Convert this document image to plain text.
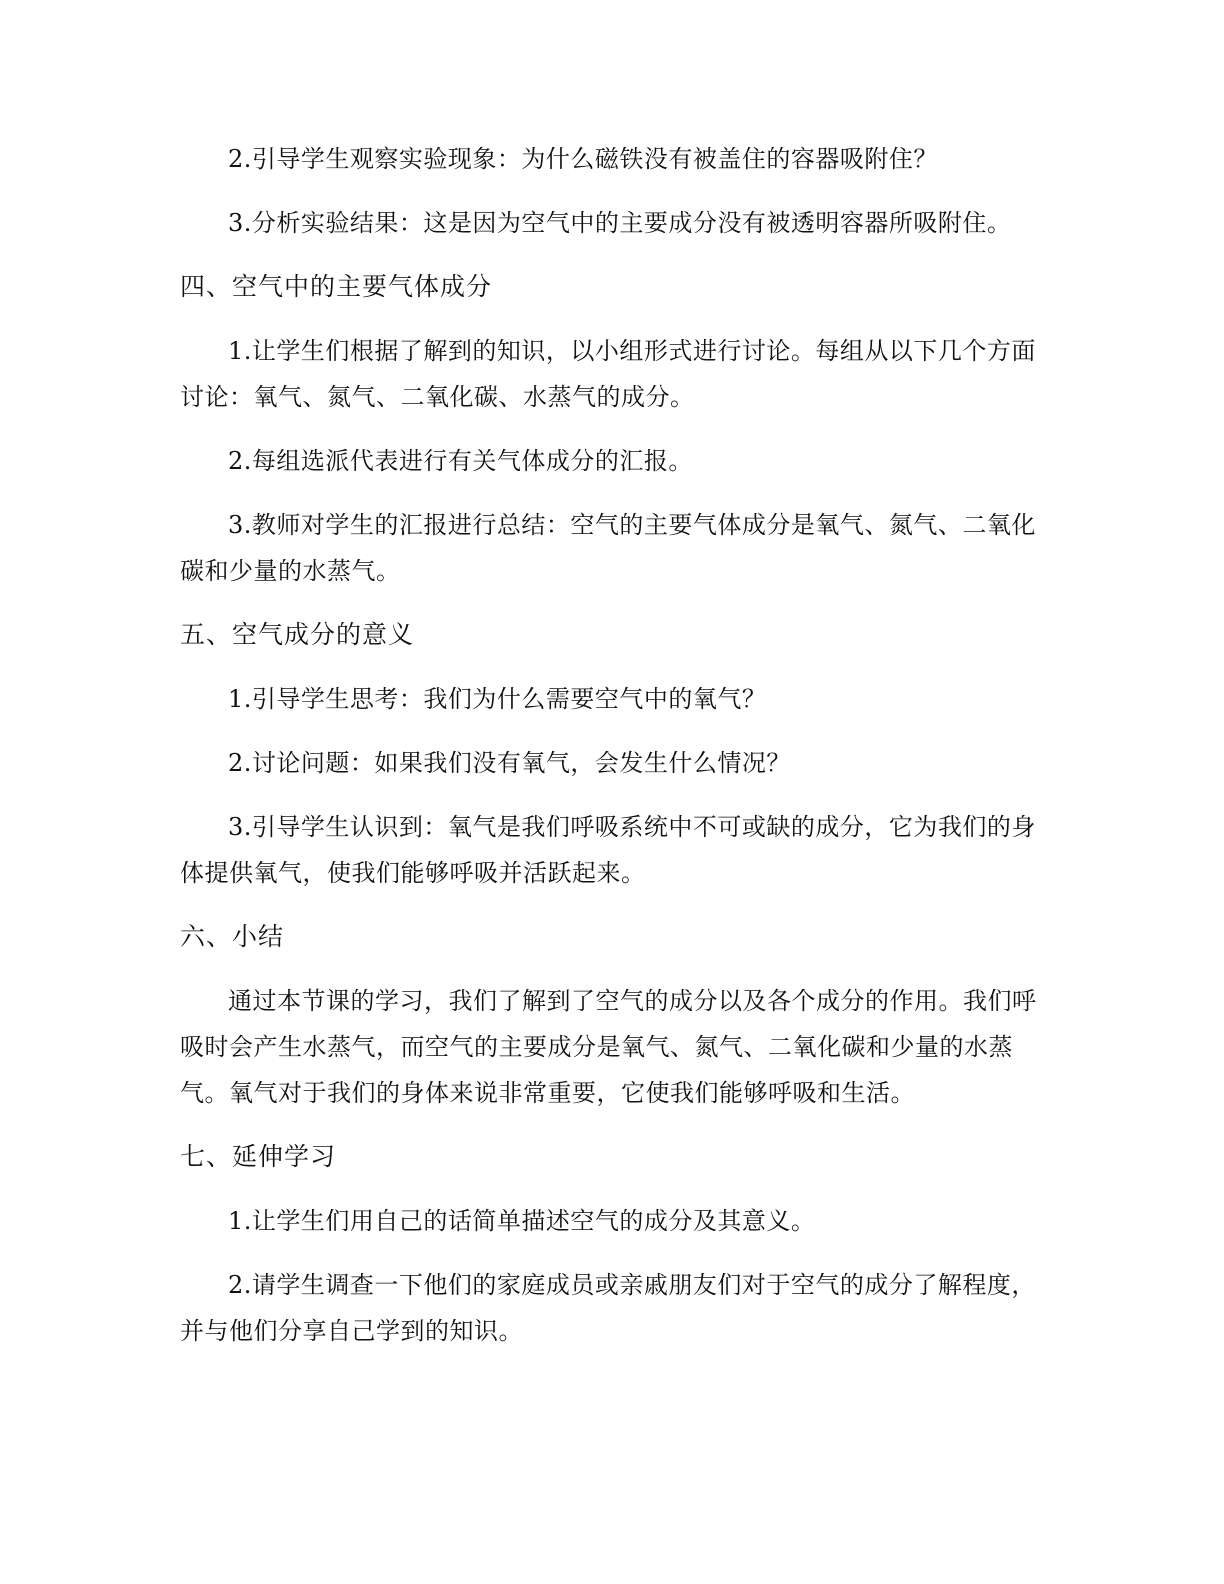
2.引导学生观察实验现象：为什么磁铁没有被盖住的容器吸附住？

3.分析实验结果：这是因为空气中的主要成分没有被透明容器所吸附住。

四、空气中的主要气体成分

1.让学生们根据了解到的知识，以小组形式进行讨论。每组从以下几个方面讨论：氧气、氮气、二氧化碳、水蒸气的成分。

2.每组选派代表进行有关气体成分的汇报。

3.教师对学生的汇报进行总结：空气的主要气体成分是氧气、氮气、二氧化碳和少量的水蒸气。

五、空气成分的意义

1.引导学生思考：我们为什么需要空气中的氧气？

2.讨论问题：如果我们没有氧气，会发生什么情况？

3.引导学生认识到：氧气是我们呼吸系统中不可或缺的成分，它为我们的身体提供氧气，使我们能够呼吸并活跃起来。

六、小结

通过本节课的学习，我们了解到了空气的成分以及各个成分的作用。我们呼吸时会产生水蒸气，而空气的主要成分是氧气、氮气、二氧化碳和少量的水蒸气。氧气对于我们的身体来说非常重要，它使我们能够呼吸和生活。

七、延伸学习

1.让学生们用自己的话简单描述空气的成分及其意义。

2.请学生调查一下他们的家庭成员或亲戚朋友们对于空气的成分了解程度，并与他们分享自己学到的知识。
